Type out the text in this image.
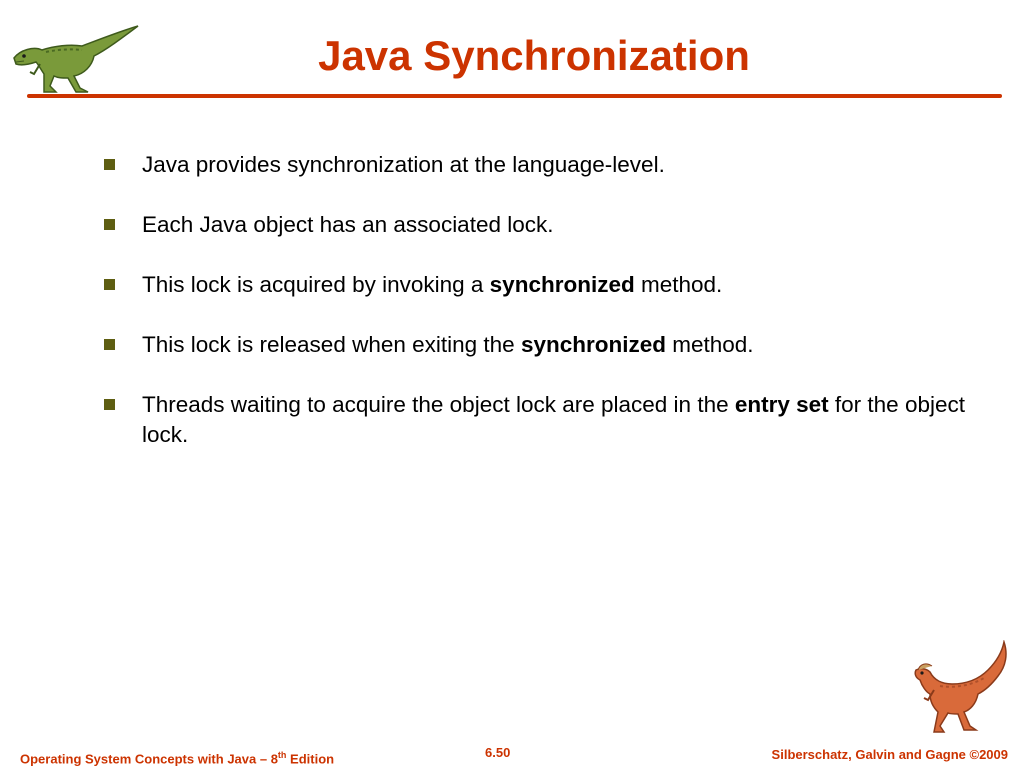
Java Synchronization
Java provides synchronization at the language-level.
Each Java object has an associated lock.
This lock is acquired by invoking a synchronized method.
This lock is released when exiting the synchronized method.
Threads waiting to acquire the object lock are placed in the entry set for the object lock.
Operating System Concepts with Java – 8th Edition	6.50	Silberschatz, Galvin and Gagne ©2009
